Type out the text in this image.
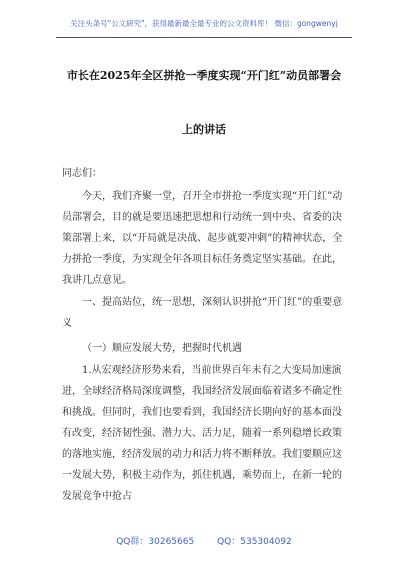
关注头条号"公文研究"，获得最新最全最专业的公文资料库！ 微信：gongwenyj
市长在2025年全区拼抢一季度实现“开门红”动员部署会
上的讲话
同志们：
今天，我们齐聚一堂，召开全市拼抢一季度实现“开门红”动员部署会，目的就是要迅速把思想和行动统一到中央、省委的决策部署上来，以“开局就是决战、起步就要冲刺”的精神状态，全力拼抢一季度，为实现全年各项目标任务奠定坚实基础。在此，我讲几点意见。
一、提高站位，统一思想，深刻认识拼抢“开门红”的重要意义
（一）顺应发展大势，把握时代机遇
1.从宏观经济形势来看，当前世界百年未有之大变局加速演进，全球经济格局深度调整，我国经济发展面临着诸多不确定性和挑战。但同时，我们也要看到，我国经济长期向好的基本面没有改变，经济韧性强、潜力大、活力足，随着一系列稳增长政策的落地实施，经济发展的动力和活力将不断释放。我们要顺应这一发展大势，积极主动作为，抓住机遇，乘势而上，在新一轮的发展竞争中抢占
QQ群：30265665	QQ：535304092
